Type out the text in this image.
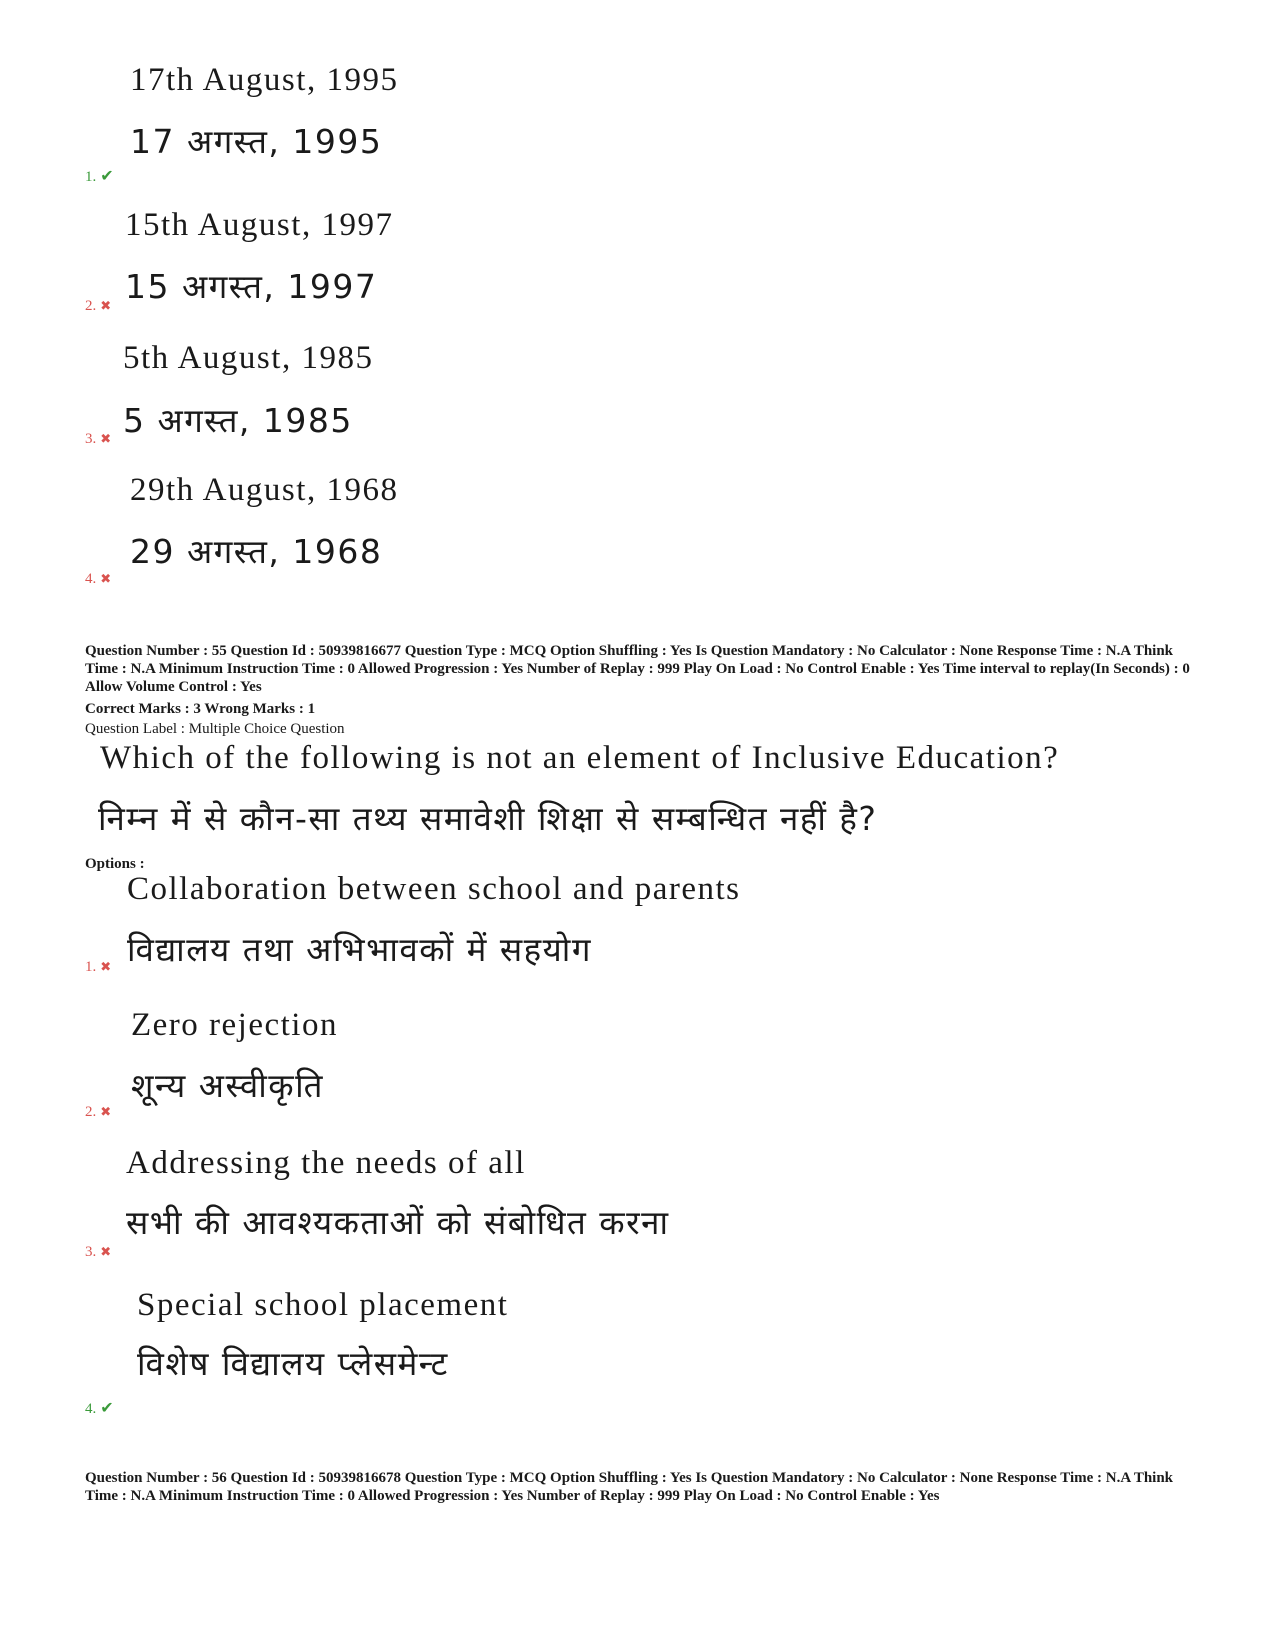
17th August, 1995
17 अगस्त, 1995
1. ✔
15th August, 1997
15 अगस्त, 1997
2. ✖
5th August, 1985
5 अगस्त, 1985
3. ✖
29th August, 1968
29 अगस्त, 1968
4. ✖
Question Number : 55 Question Id : 50939816677 Question Type : MCQ Option Shuffling : Yes Is Question Mandatory : No Calculator : None Response Time : N.A Think Time : N.A Minimum Instruction Time : 0 Allowed Progression : Yes Number of Replay : 999 Play On Load : No Control Enable : Yes Time interval to replay(In Seconds) : 0 Allow Volume Control : Yes
Correct Marks : 3 Wrong Marks : 1
Question Label : Multiple Choice Question
Which of the following is not an element of Inclusive Education?
निम्न में से कौन-सा तथ्य समावेशी शिक्षा से सम्बन्धित नहीं है?
Options :
Collaboration between school and parents
विद्यालय तथा अभिभावकों में सहयोग
1. ✖
Zero rejection
शून्य अस्वीकृति
2. ✖
Addressing the needs of all
सभी की आवश्यकताओं को संबोधित करना
3. ✖
Special school placement
विशेष विद्यालय प्लेसमेन्ट
4. ✔
Question Number : 56 Question Id : 50939816678 Question Type : MCQ Option Shuffling : Yes Is Question Mandatory : No Calculator : None Response Time : N.A Think Time : N.A Minimum Instruction Time : 0 Allowed Progression : Yes Number of Replay : 999 Play On Load : No Control Enable : Yes
